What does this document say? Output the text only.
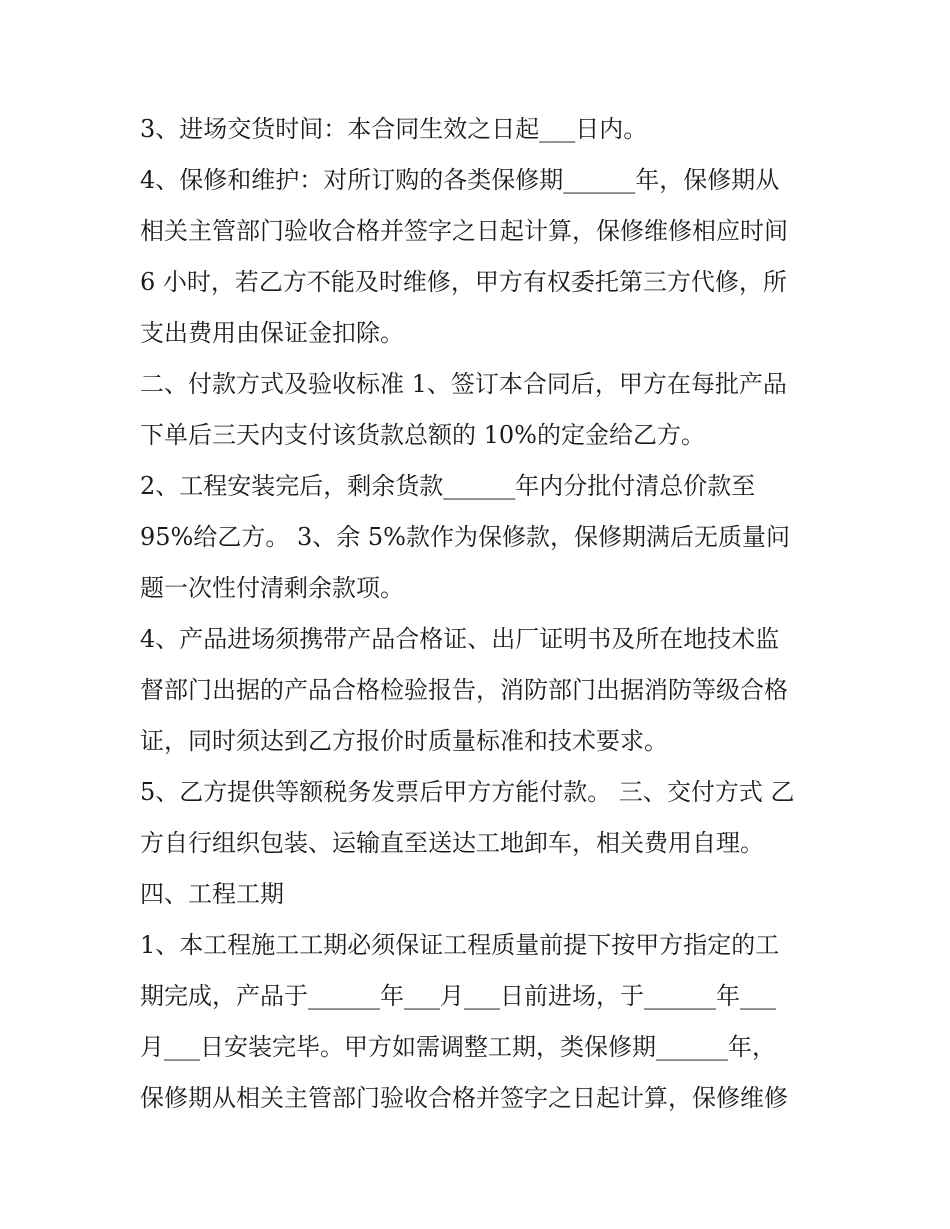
3、进场交货时间：本合同生效之日起___日内。
4、保修和维护：对所订购的各类保修期______年，保修期从
相关主管部门验收合格并签字之日起计算，保修维修相应时间
6 小时，若乙方不能及时维修，甲方有权委托第三方代修，所
支出费用由保证金扣除。
二、付款方式及验收标准 1、签订本合同后，甲方在每批产品
下单后三天内支付该货款总额的 10%的定金给乙方。
2、工程安装完后，剩余货款______年内分批付清总价款至
95%给乙方。 3、余 5%款作为保修款，保修期满后无质量问
题一次性付清剩余款项。
4、产品进场须携带产品合格证、出厂证明书及所在地技术监
督部门出据的产品合格检验报告，消防部门出据消防等级合格
证，同时须达到乙方报价时质量标准和技术要求。
5、乙方提供等额税务发票后甲方方能付款。 三、交付方式 乙
方自行组织包装、运输直至送达工地卸车，相关费用自理。
四、工程工期
1、本工程施工工期必须保证工程质量前提下按甲方指定的工
期完成，产品于______年___月___日前进场，于______年___
月___日安装完毕。甲方如需调整工期，类保修期______年，
保修期从相关主管部门验收合格并签字之日起计算，保修维修
